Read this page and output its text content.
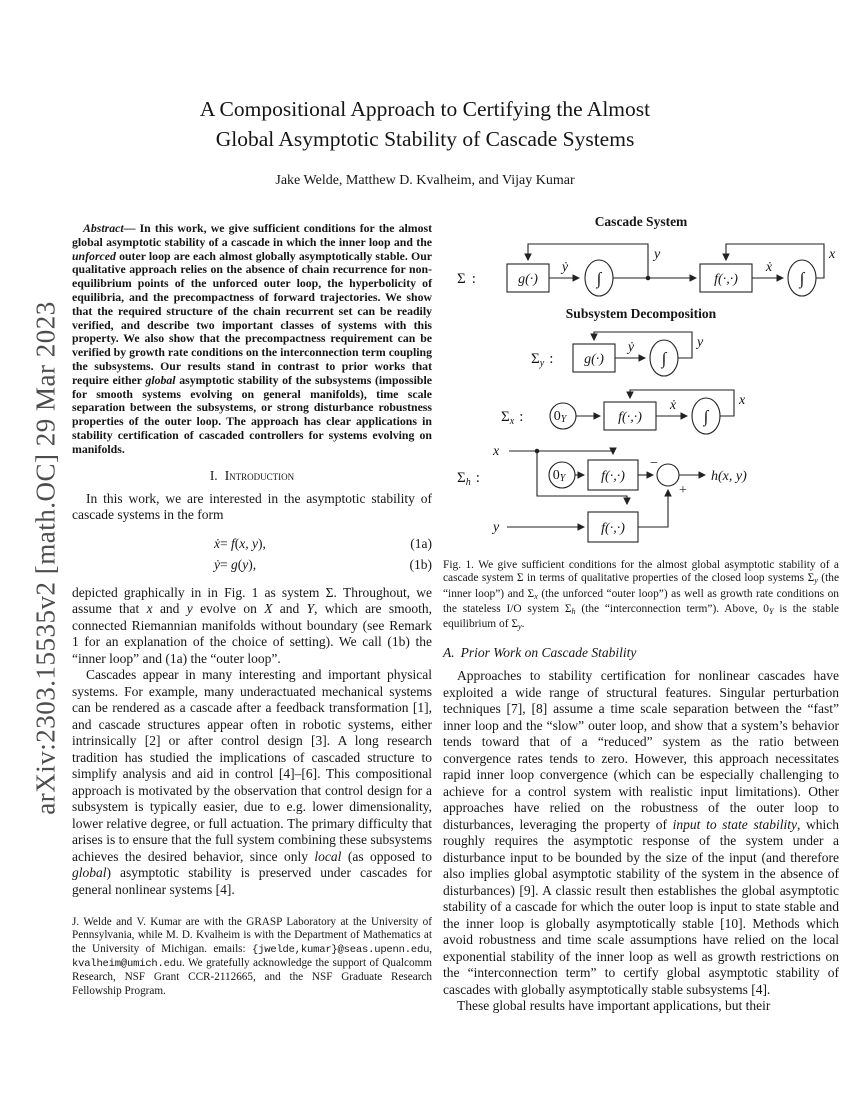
arXiv:2303.15535v2 [math.OC] 29 Mar 2023
A Compositional Approach to Certifying the Almost
Global Asymptotic Stability of Cascade Systems
Jake Welde, Matthew D. Kvalheim, and Vijay Kumar

Abstract— In this work, we give sufficient conditions for the almost global asymptotic stability of a cascade in which the inner loop and the unforced outer loop are each almost globally asymptotically stable. Our qualitative approach relies on the absence of chain recurrence for non-equilibrium points of the unforced outer loop, the hyperbolicity of equilibria, and the precompactness of forward trajectories. We show that the required structure of the chain recurrent set can be readily verified, and describe two important classes of systems with this property. We also show that the precompactness requirement can be verified by growth rate conditions on the interconnection term coupling the subsystems. Our results stand in contrast to prior works that require either global asymptotic stability of the subsystems (impossible for smooth systems evolving on general manifolds), time scale separation between the subsystems, or strong disturbance robustness properties of the outer loop. The approach has clear applications in stability certification of cascaded controllers for systems evolving on manifolds.

I. Introduction

In this work, we are interested in the asymptotic stability of cascade systems in the form

ẋ = f(x, y),	(1a)
ẏ = g(y),	(1b)

depicted graphically in in Fig. 1 as system Σ. Throughout, we assume that x and y evolve on X and Y, which are smooth, connected Riemannian manifolds without boundary (see Remark 1 for an explanation of the choice of setting). We call (1b) the “inner loop” and (1a) the “outer loop”.

Cascades appear in many interesting and important physical systems. For example, many underactuated mechanical systems can be rendered as a cascade after a feedback transformation [1], and cascade structures appear often in robotic systems, either intrinsically [2] or after control design [3]. A long research tradition has studied the implications of cascaded structure to simplify analysis and aid in control [4]–[6]. This compositional approach is motivated by the observation that control design for a subsystem is typically easier, due to e.g. lower dimensionality, lower relative degree, or full actuation. The primary difficulty that arises is to ensure that the full system combining these subsystems achieves the desired behavior, since only local (as opposed to global) asymptotic stability is preserved under cascades for general nonlinear systems [4].

J. Welde and V. Kumar are with the GRASP Laboratory at the University of Pennsylvania, while M. D. Kvalheim is with the Department of Mathematics at the University of Michigan. emails: {jwelde,kumar}@seas.upenn.edu, kvalheim@umich.edu. We gratefully acknowledge the support of Qualcomm Research, NSF Grant CCR-2112665, and the NSF Graduate Research Fellowship Program.

Cascade System
Σ :	g(·)
ẏ
∫
y
f(·,·)
ẋ
∫
x
Subsystem Decomposition
$\Sigma_y$ : g(·)
ẏ
∫
y
$\Sigma_x$ : 0Y	f(·,·)
ẋ
∫
x
$\Sigma_h$ :
x
0Y	f(·,·)
y	f(·,·)
−
+
h(x, y)

Fig. 1. We give sufficient conditions for the almost global asymptotic stability of a cascade system Σ in terms of qualitative properties of the closed loop systems Σy (the “inner loop”) and Σx (the unforced “outer loop”) as well as growth rate conditions on the stateless I/O system Σh (the “interconnection term”). Above, 0Y is the stable equilibrium of Σy.

A. Prior Work on Cascade Stability

Approaches to stability certification for nonlinear cascades have exploited a wide range of structural features. Singular perturbation techniques [7], [8] assume a time scale separation between the “fast” inner loop and the “slow” outer loop, and show that a system’s behavior tends toward that of a “reduced” system as the ratio between convergence rates tends to zero. However, this approach necessitates rapid inner loop convergence (which can be especially challenging to achieve for a control system with realistic input limitations). Other approaches have relied on the robustness of the outer loop to disturbances, leveraging the property of input to state stability, which roughly requires the asymptotic response of the system under a disturbance input to be bounded by the size of the input (and therefore also implies global asymptotic stability of the system in the absence of disturbances) [9]. A classic result then establishes the global asymptotic stability of a cascade for which the outer loop is input to state stable and the inner loop is globally asymptotically stable [10]. Methods which avoid robustness and time scale assumptions have relied on the local exponential stability of the inner loop as well as growth restrictions on the “interconnection term” to certify global asymptotic stability of cascades with globally asymptotically stable subsystems [4].

These global results have important applications, but their
